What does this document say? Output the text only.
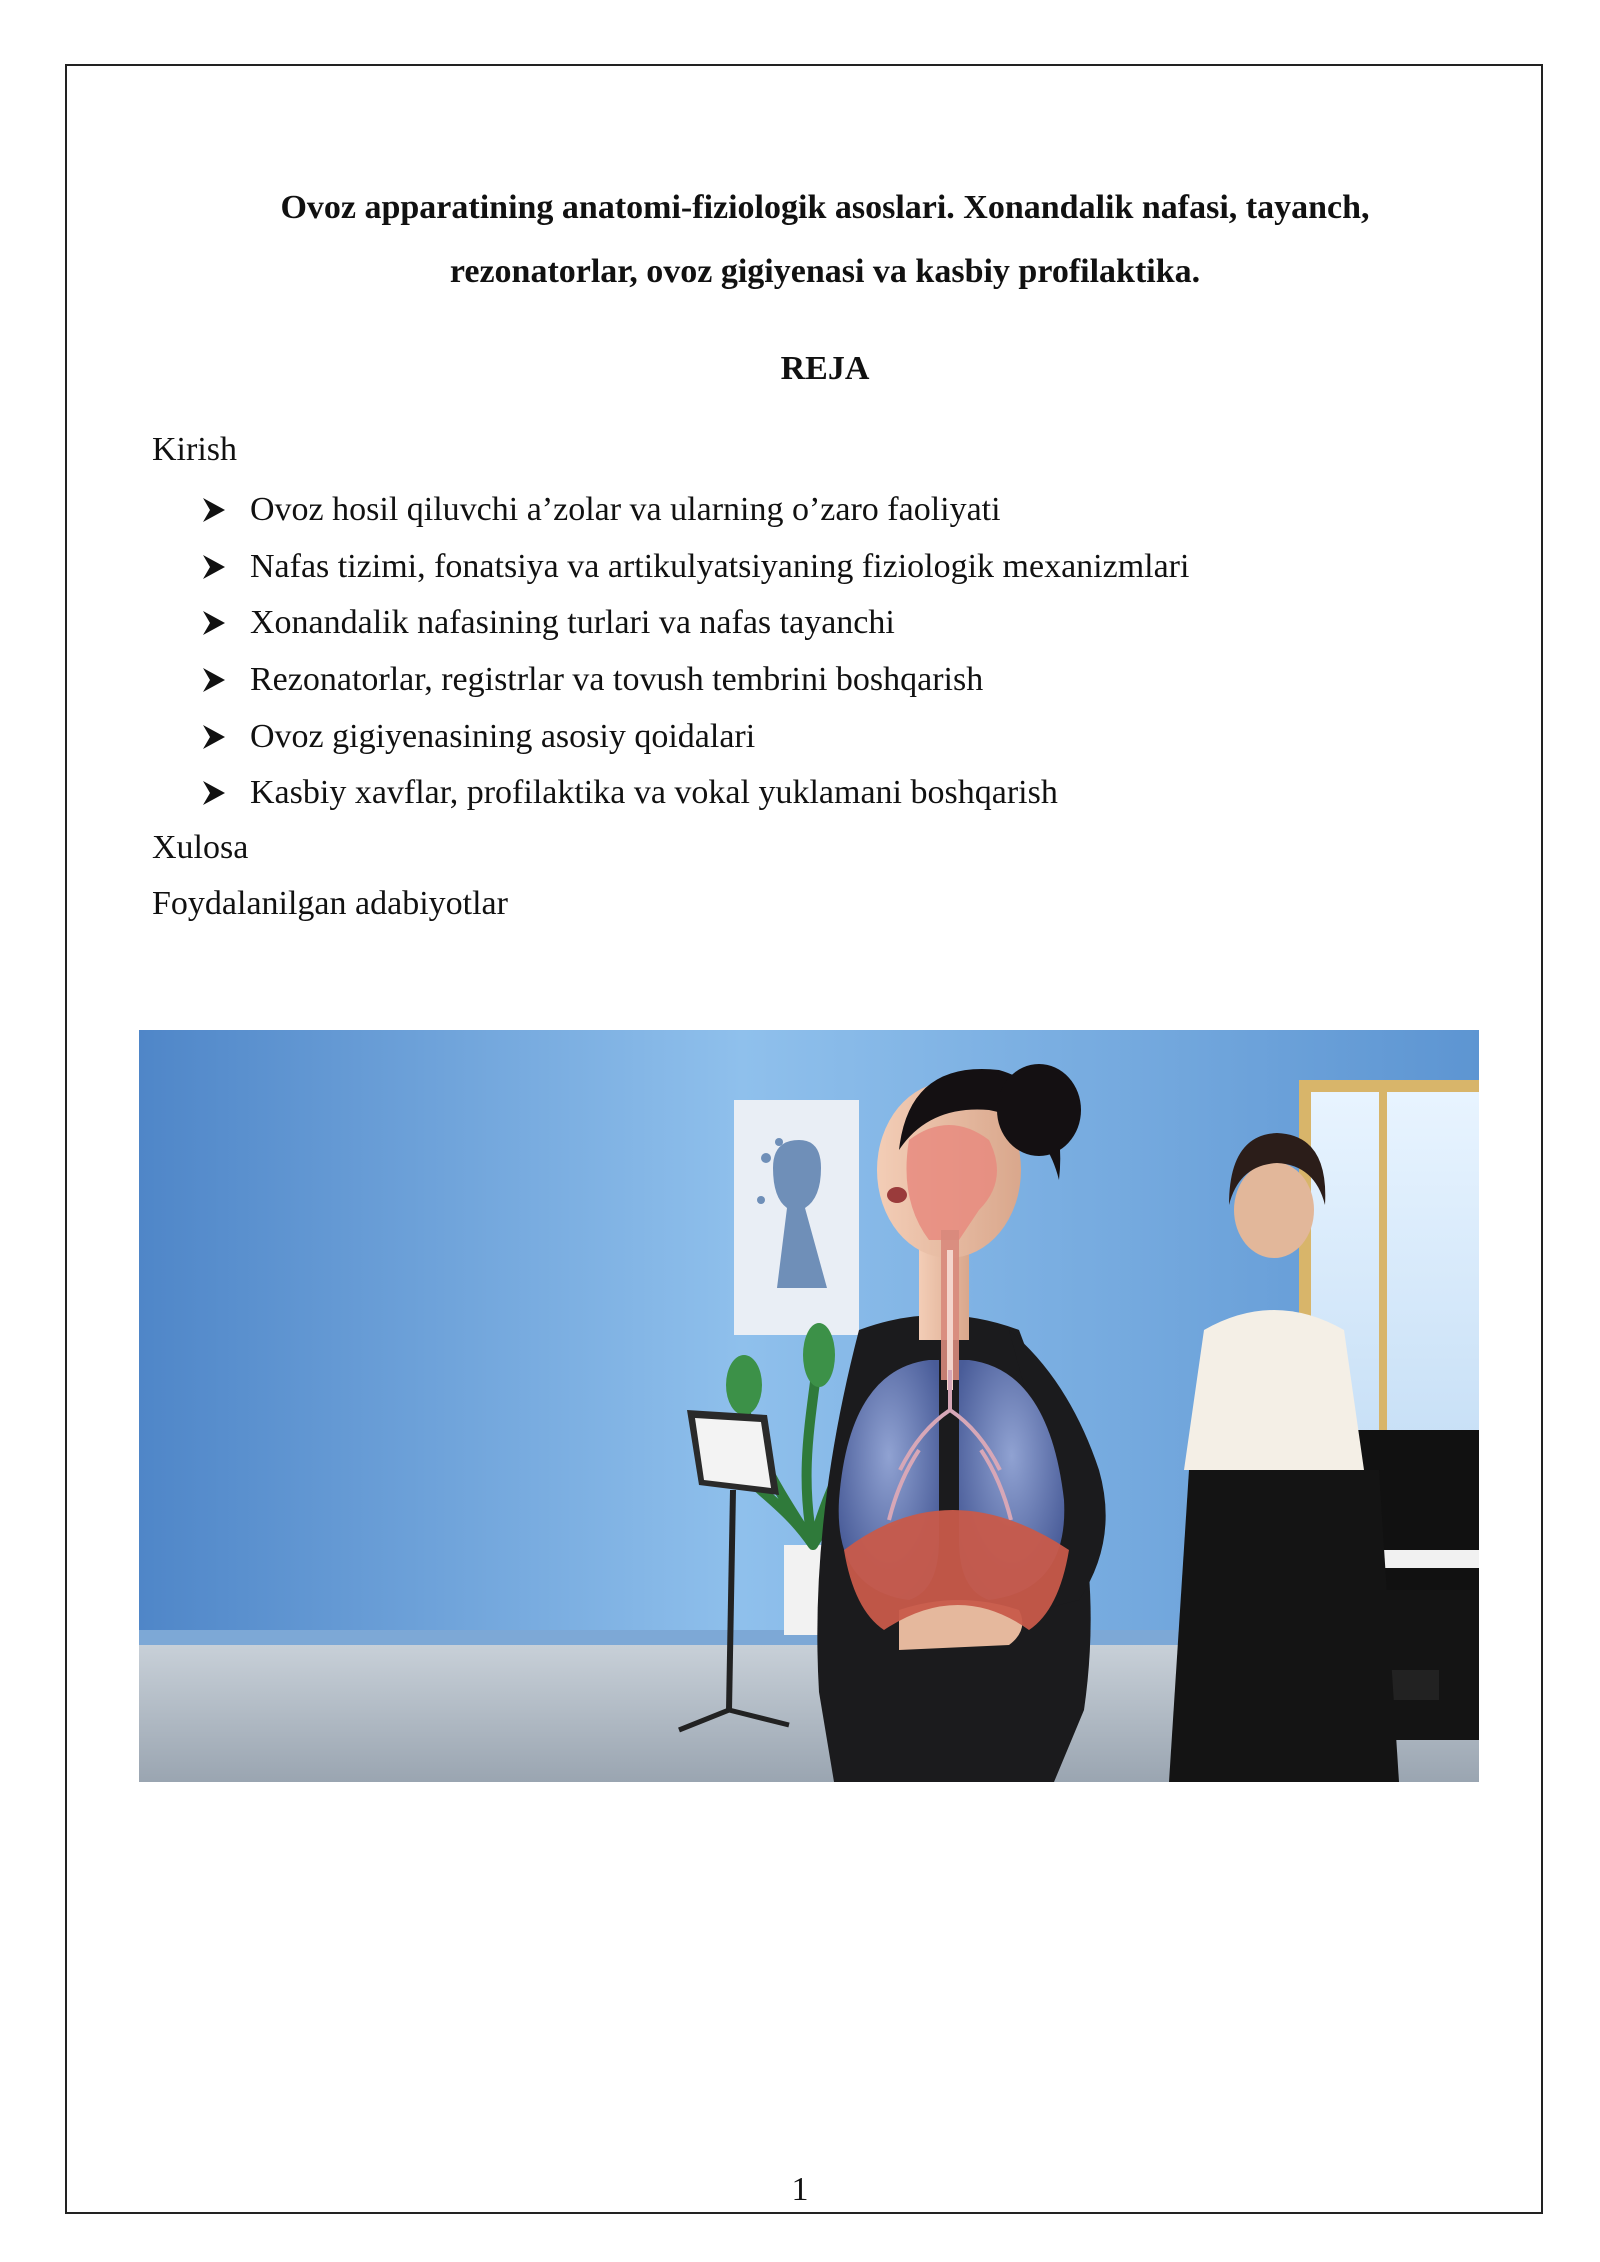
Ovoz apparatining anatomi-fiziologik asoslari. Xonandalik nafasi, tayanch,
rezonatorlar, ovoz gigiyenasi va kasbiy profilaktika.
REJA

Kirish

Ovoz hosil qiluvchi a’zolar va ularning o’zaro faoliyati
Nafas tizimi, fonatsiya va artikulyatsiyaning fiziologik mexanizmlari
Xonandalik nafasining turlari va nafas tayanchi
Rezonatorlar, registrlar va tovush tembrini boshqarish
Ovoz gigiyenasining asosiy qoidalari
Kasbiy xavflar, profilaktika va vokal yuklamani boshqarish

Xulosa

Foydalanilgan adabiyotlar

1
